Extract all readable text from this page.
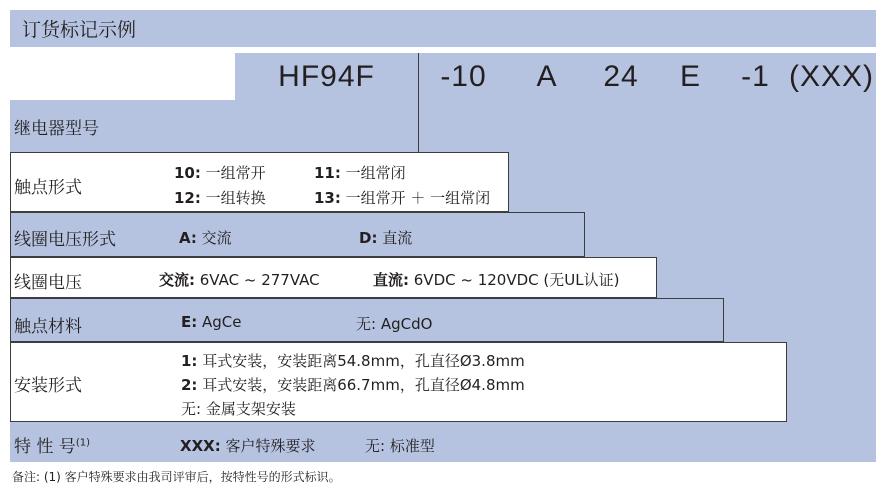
订货标记示例
HF94F	-10	A	24	E	-1 (XXX)
继电器型号
触点形式
10: 一组常开	11: 一组常闭
12: 一组转换	13: 一组常开 ＋ 一组常闭
线圈电压形式	A: 交流	D: 直流
线圈电压	交流: 6VAC ~ 277VAC	直流: 6VDC ~ 120VDC (无UL认证)
触点材料	E: AgCe	无: AgCdO
安装形式
1: 耳式安装，安装距离54.8mm，孔直径Ø3.8mm
2: 耳式安装，安装距离66.7mm，孔直径Ø4.8mm
无: 金属支架安装
特 性 号$^{(1)}$	XXX: 客户特殊要求	无: 标准型
备注: (1) 客户特殊要求由我司评审后，按特性号的形式标识。
